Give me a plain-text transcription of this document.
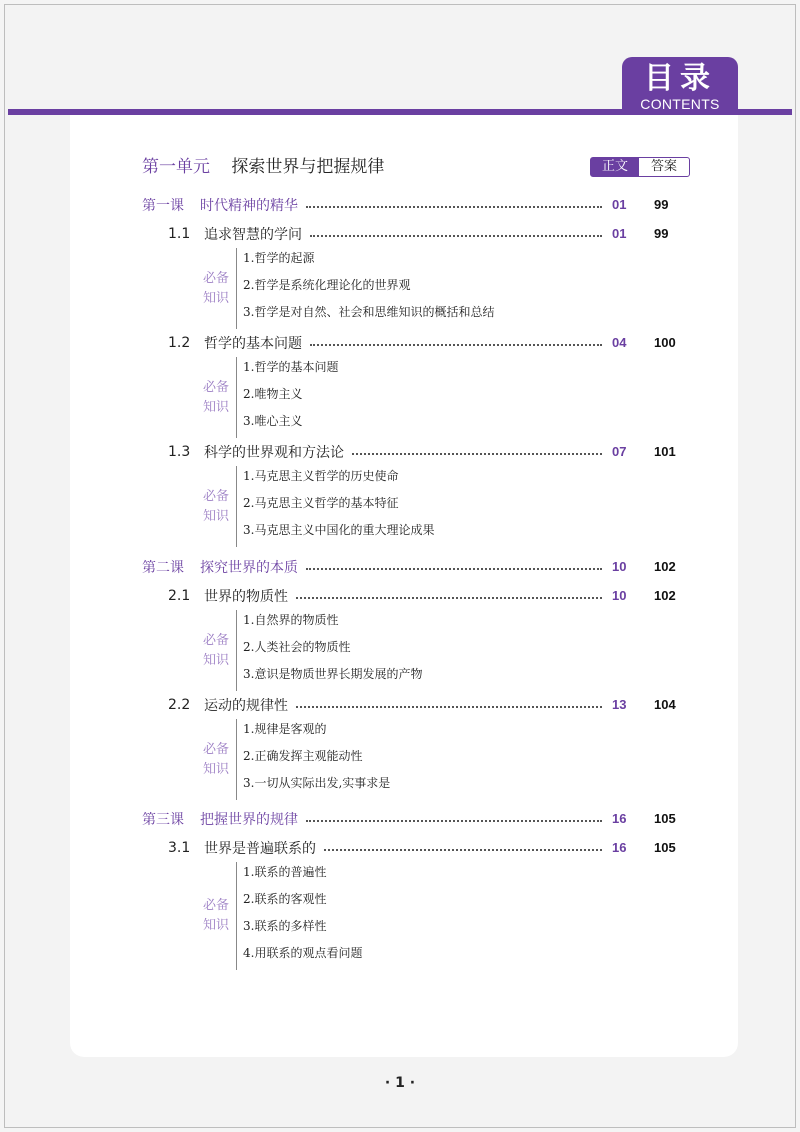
目录
CONTENTS
第一单元 探索世界与把握规律	正文	答案
第一课 时代精神的精华	01 99
1.1 追求智慧的学问	01 99
必备
知识
1.哲学的起源
2.哲学是系统化理论化的世界观
3.哲学是对自然、社会和思维知识的概括和总结
1.2 哲学的基本问题	04 100
必备
知识
1.哲学的基本问题
2.唯物主义
3.唯心主义
1.3 科学的世界观和方法论	07 101
必备
知识
1.马克思主义哲学的历史使命
2.马克思主义哲学的基本特征
3.马克思主义中国化的重大理论成果
第二课 探究世界的本质	10 102
2.1 世界的物质性	10 102
必备
知识
1.自然界的物质性
2.人类社会的物质性
3.意识是物质世界长期发展的产物
2.2 运动的规律性	13 104
必备
知识
1.规律是客观的
2.正确发挥主观能动性
3.一切从实际出发,实事求是
第三课 把握世界的规律	16 105
3.1 世界是普遍联系的	16 105
必备
知识
1.联系的普遍性
2.联系的客观性
3.联系的多样性
4.用联系的观点看问题
· 1 ·
